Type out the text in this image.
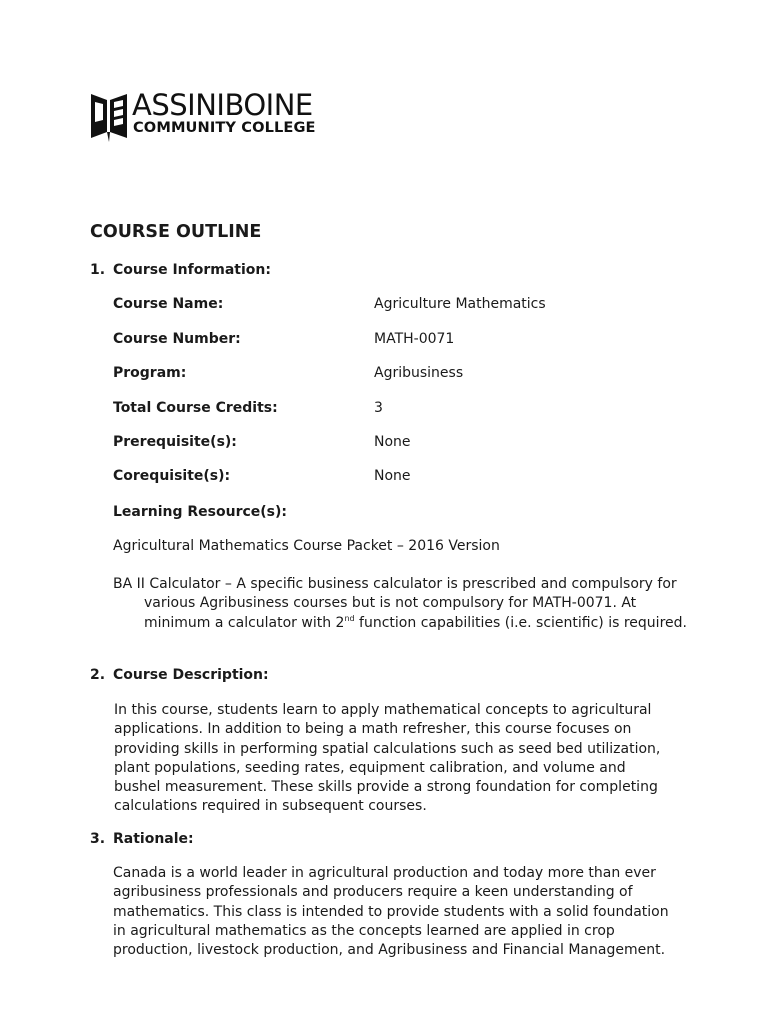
ASSINIBOINE
COMMUNITY COLLEGE
COURSE OUTLINE
1. Course Information:
Course Name:	Agriculture Mathematics
Course Number:	MATH-0071
Program:	Agribusiness
Total Course Credits:	3
Prerequisite(s):	None
Corequisite(s):	None
Learning Resource(s):

Agricultural Mathematics Course Packet – 2016 Version

BA II Calculator – A specific business calculator is prescribed and compulsory for various Agribusiness courses but is not compulsory for MATH-0071. At minimum a calculator with 2nd function capabilities (i.e. scientific) is required.

2. Course Description:

In this course, students learn to apply mathematical concepts to agricultural applications. In addition to being a math refresher, this course focuses on providing skills in performing spatial calculations such as seed bed utilization, plant populations, seeding rates, equipment calibration, and volume and bushel measurement. These skills provide a strong foundation for completing calculations required in subsequent courses.

3. Rationale:

Canada is a world leader in agricultural production and today more than ever agribusiness professionals and producers require a keen understanding of mathematics. This class is intended to provide students with a solid foundation in agricultural mathematics as the concepts learned are applied in crop production, livestock production, and Agribusiness and Financial Management.
